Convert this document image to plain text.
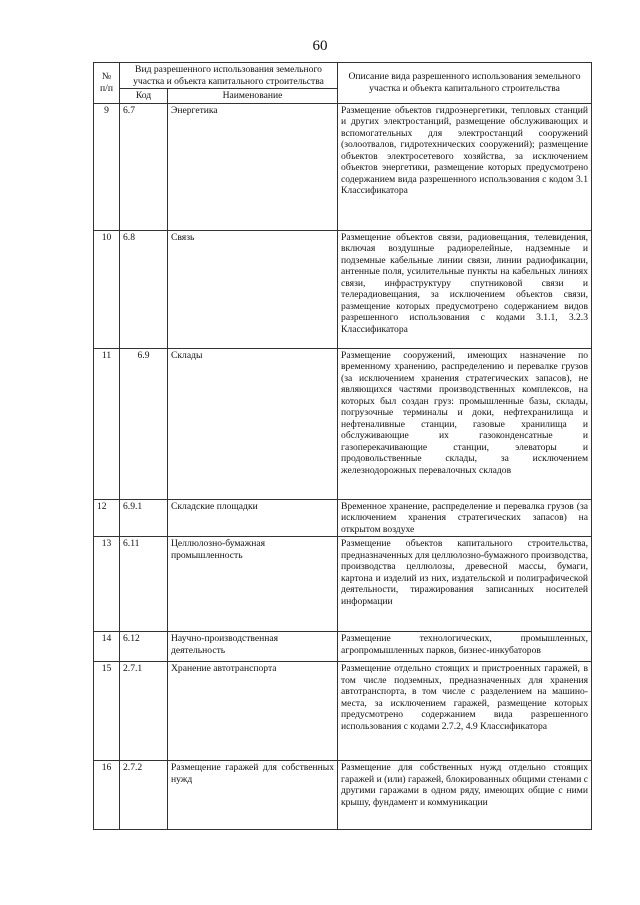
60
№ п/п	Вид разрешенного использования земельного участка и объекта капитального строительства		Описание вида разрешенного использования земельного участка и объекта капитального строительства
	Код	Наименование	
9	6.7	Энергетика	Размещение объектов гидроэнергетики, тепловых станций и других электростанций, размещение обслуживающих и вспомогательных для электростанций сооружений (золоотвалов, гидротехнических сооружений); размещение объектов электросетевого хозяйства, за исключением объектов энергетики, размещение которых предусмотрено содержанием вида разрешенного использования с кодом 3.1 Классификатора
10	6.8	Связь	Размещение объектов связи, радиовещания, телевидения, включая воздушные радиорелейные, надземные и подземные кабельные линии связи, линии радиофикации, антенные поля, усилительные пункты на кабельных линиях связи, инфраструктуру спутниковой связи и телерадиовещания, за исключением объектов связи, размещение которых предусмотрено содержанием видов разрешенного использования с кодами 3.1.1, 3.2.3 Классификатора
11	6.9	Склады	Размещение сооружений, имеющих назначение по временному хранению, распределению и перевалке грузов (за исключением хранения стратегических запасов), не являющихся частями производственных комплексов, на которых был создан груз: промышленные базы, склады, погрузочные терминалы и доки, нефтехранилища и нефтеналивные станции, газовые хранилища и обслуживающие их газоконденсатные и газоперекачивающие станции, элеваторы и продовольственные склады, за исключением железнодорожных перевалочных складов
12	6.9.1	Складские площадки	Временное хранение, распределение и перевалка грузов (за исключением хранения стратегических запасов) на открытом воздухе
13	6.11	Целлюлозно-бумажная промышленность	Размещение объектов капитального строительства, предназначенных для целлюлозно-бумажного производства, производства целлюлозы, древесной массы, бумаги, картона и изделий из них, издательской и полиграфической деятельности, тиражирования записанных носителей информации
14	6.12	Научно-производственная деятельность	Размещение технологических, промышленных, агропромышленных парков, бизнес-инкубаторов
15	2.7.1	Хранение автотранспорта	Размещение отдельно стоящих и пристроенных гаражей, в том числе подземных, предназначенных для хранения автотранспорта, в том числе с разделением на машино-места, за исключением гаражей, размещение которых предусмотрено содержанием вида разрешенного использования с кодами 2.7.2, 4.9 Классификатора
16	2.7.2	Размещение гаражей для собственных нужд	Размещение для собственных нужд отдельно стоящих гаражей и (или) гаражей, блокированных общими стенами с другими гаражами в одном ряду, имеющих общие с ними крышу, фундамент и коммуникации
